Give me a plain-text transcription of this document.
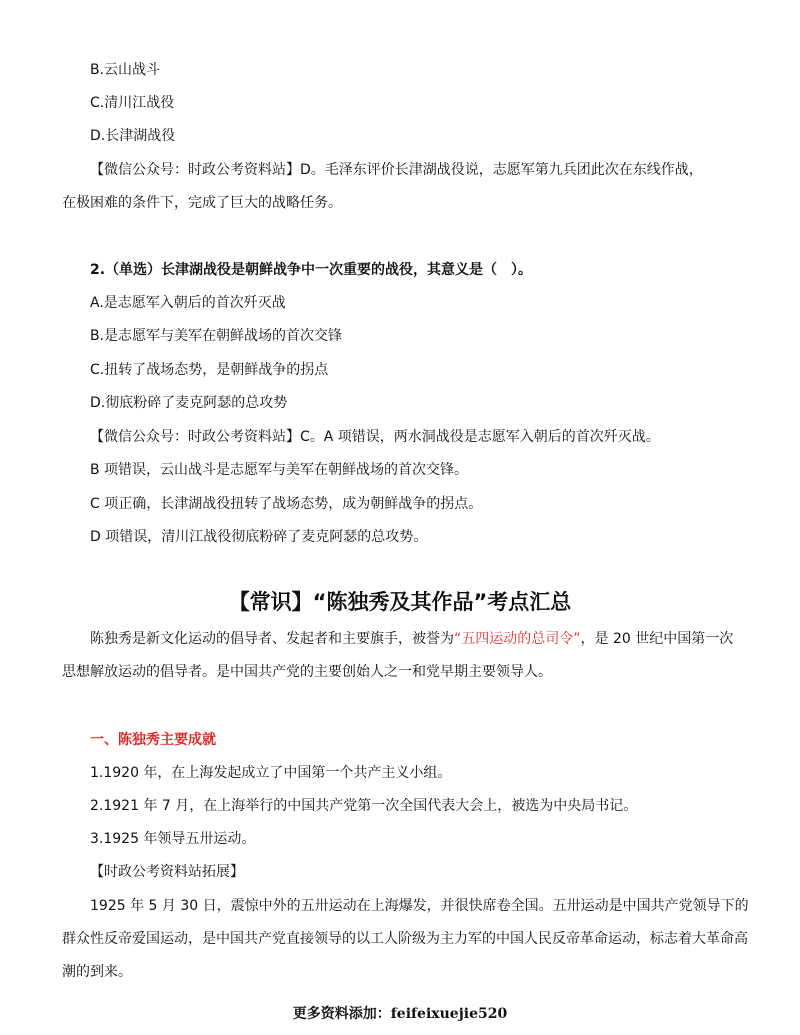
B.云山战斗
C.清川江战役
D.长津湖战役
【微信公众号：时政公考资料站】D。毛泽东评价长津湖战役说，志愿军第九兵团此次在东线作战，
在极困难的条件下，完成了巨大的战略任务。
2.（单选）长津湖战役是朝鲜战争中一次重要的战役，其意义是（　）。
A.是志愿军入朝后的首次歼灭战
B.是志愿军与美军在朝鲜战场的首次交锋
C.扭转了战场态势，是朝鲜战争的拐点
D.彻底粉碎了麦克阿瑟的总攻势
【微信公众号：时政公考资料站】C。A 项错误，两水洞战役是志愿军入朝后的首次歼灭战。
B 项错误，云山战斗是志愿军与美军在朝鲜战场的首次交锋。
C 项正确，长津湖战役扭转了战场态势，成为朝鲜战争的拐点。
D 项错误，清川江战役彻底粉碎了麦克阿瑟的总攻势。
【常识】“陈独秀及其作品”考点汇总
陈独秀是新文化运动的倡导者、发起者和主要旗手，被誉为“五四运动的总司令”，是 20 世纪中国第一次
思想解放运动的倡导者。是中国共产党的主要创始人之一和党早期主要领导人。
一、陈独秀主要成就
1.1920 年，在上海发起成立了中国第一个共产主义小组。
2.1921 年 7 月，在上海举行的中国共产党第一次全国代表大会上，被选为中央局书记。
3.1925 年领导五卅运动。
【时政公考资料站拓展】
1925 年 5 月 30 日，震惊中外的五卅运动在上海爆发，并很快席卷全国。五卅运动是中国共产党领导下的
群众性反帝爱国运动，是中国共产党直接领导的以工人阶级为主力军的中国人民反帝革命运动，标志着大革命高
潮的到来。
更多资料添加：feifeixuejie520
